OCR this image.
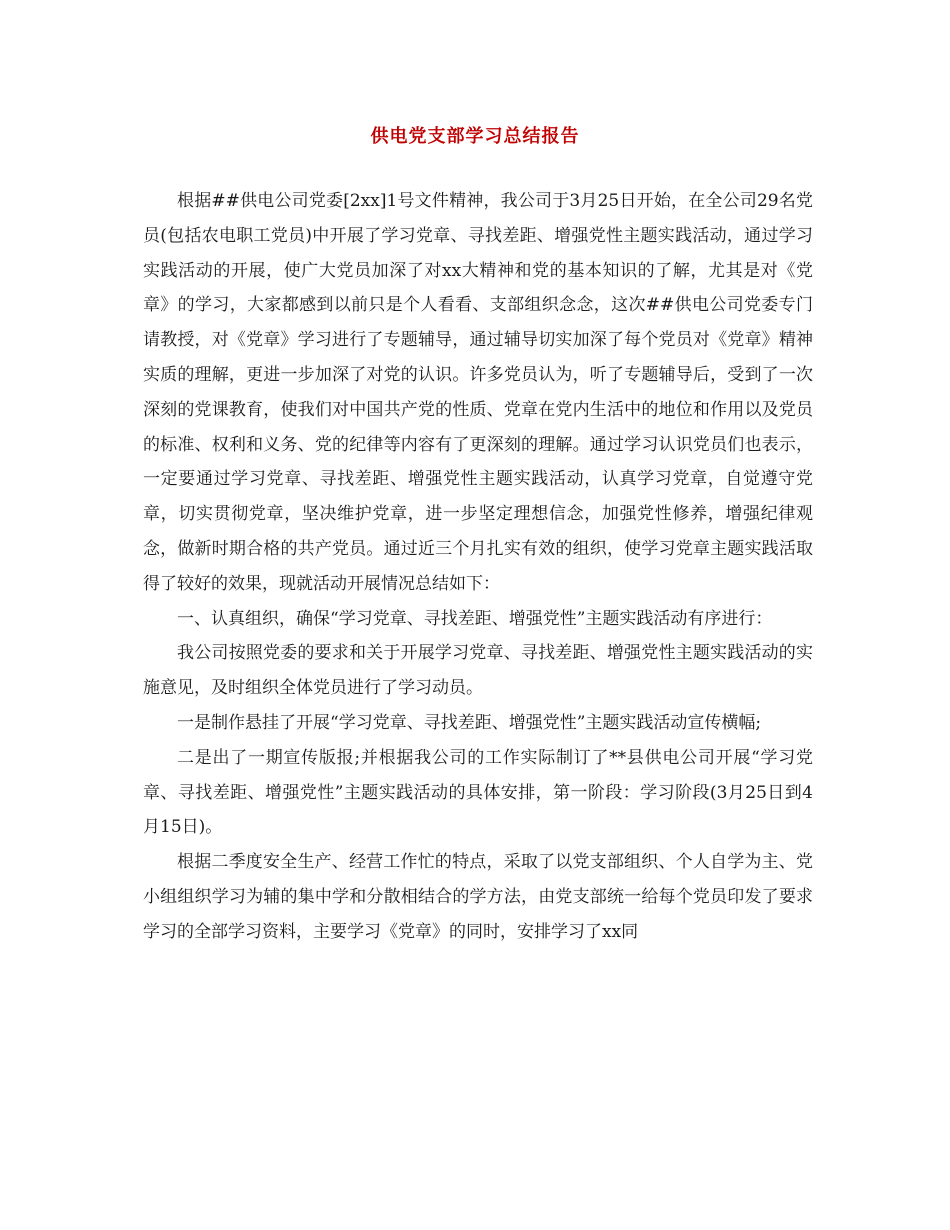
供电党支部学习总结报告

根据##供电公司党委[2xx]1号文件精神，我公司于3月25日开始，在全公司29名党员(包括农电职工党员)中开展了学习党章、寻找差距、增强党性主题实践活动，通过学习实践活动的开展，使广大党员加深了对xx大精神和党的基本知识的了解，尤其是对《党章》的学习，大家都感到以前只是个人看看、支部组织念念，这次##供电公司党委专门请教授，对《党章》学习进行了专题辅导，通过辅导切实加深了每个党员对《党章》精神实质的理解，更进一步加深了对党的认识。许多党员认为，听了专题辅导后，受到了一次深刻的党课教育，使我们对中国共产党的性质、党章在党内生活中的地位和作用以及党员的标准、权利和义务、党的纪律等内容有了更深刻的理解。通过学习认识党员们也表示，一定要通过学习党章、寻找差距、增强党性主题实践活动，认真学习党章，自觉遵守党章，切实贯彻党章，坚决维护党章，进一步坚定理想信念，加强党性修养，增强纪律观念，做新时期合格的共产党员。通过近三个月扎实有效的组织，使学习党章主题实践活取得了较好的效果，现就活动开展情况总结如下：

一、认真组织，确保“学习党章、寻找差距、增强党性”主题实践活动有序进行：

我公司按照党委的要求和关于开展学习党章、寻找差距、增强党性主题实践活动的实施意见，及时组织全体党员进行了学习动员。

一是制作悬挂了开展“学习党章、寻找差距、增强党性”主题实践活动宣传横幅;

二是出了一期宣传版报;并根据我公司的工作实际制订了**县供电公司开展“学习党章、寻找差距、增强党性”主题实践活动的具体安排，第一阶段：学习阶段(3月25日到4月15日)。

根据二季度安全生产、经营工作忙的特点，采取了以党支部组织、个人自学为主、党小组组织学习为辅的集中学和分散相结合的学方法，由党支部统一给每个党员印发了要求学习的全部学习资料，主要学习《党章》的同时，安排学习了xx同
